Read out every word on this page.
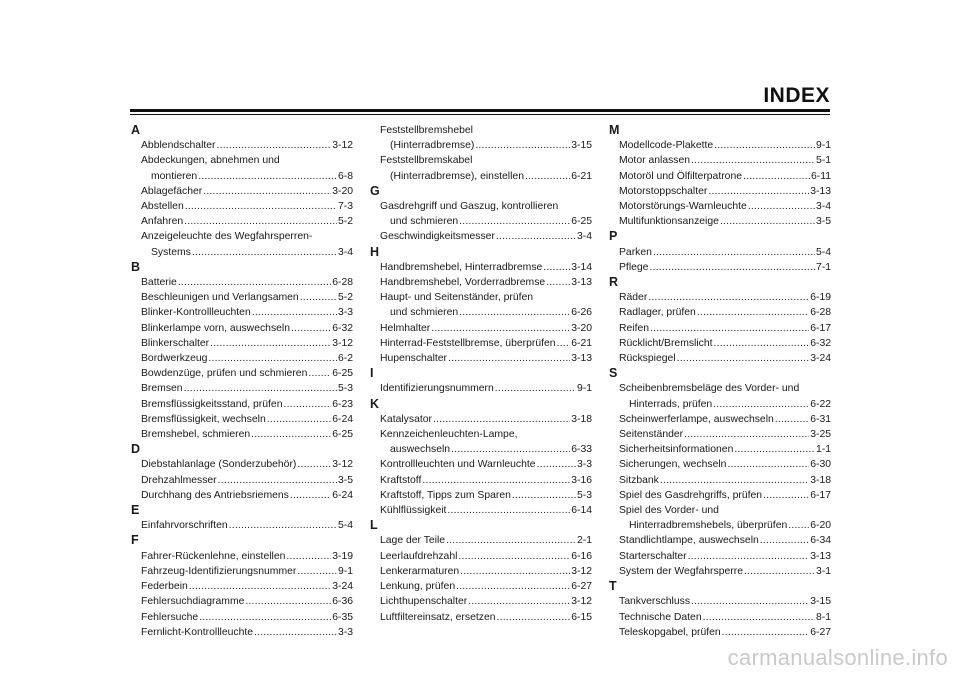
INDEX
A
Abblendschalter .....	3-12
Abdeckungen, abnehmen und
montieren .....	6-8
Ablagefächer .....	3-20
Abstellen .....	7-3
Anfahren .....	5-2
Anzeigeleuchte des Wegfahrsperren-
Systems .....	3-4
B
Batterie .....	6-28
Beschleunigen und Verlangsamen .....	5-2
Blinker-Kontrollleuchten .....	3-3
Blinkerlampe vorn, auswechseln .....	6-32
Blinkerschalter .....	3-12
Bordwerkzeug .....	6-2
Bowdenzüge, prüfen und schmieren ..... 6-25
Bremsen .....	5-3
Bremsflüssigkeitsstand, prüfen .....	6-23
Bremsflüssigkeit, wechseln .....	6-24
Bremshebel, schmieren .....	6-25
D
Diebstahlanlage (Sonderzubehör) .....	3-12
Drehzahlmesser .....	3-5
Durchhang des Antriebsriemens .....	6-24
E
Einfahrvorschriften .....	5-4
F
Fahrer-Rückenlehne, einstellen .....	3-19
Fahrzeug-Identifizierungsnummer .....	9-1
Federbein .....	3-24
Fehlersuchdiagramme .....	6-36
Fehlersuche .....	6-35
Fernlicht-Kontrollleuchte .....	3-3
Feststellbremshebel
(Hinterradbremse) .....	3-15
Feststellbremskabel
(Hinterradbremse), einstellen .....	6-21
G
Gasdrehgriff und Gaszug, kontrollieren
und schmieren .....	6-25
Geschwindigkeitsmesser .....	3-4
H
Handbremshebel, Hinterradbremse .....	3-14
Handbremshebel, Vorderradbremse .....	3-13
Haupt- und Seitenständer, prüfen
und schmieren .....	6-26
Helmhalter .....	3-20
Hinterrad-Feststellbremse, überprüfen ..... 6-21
Hupenschalter .....	3-13
I
Identifizierungsnummern .....	9-1
K
Katalysator .....	3-18
Kennzeichenleuchten-Lampe,
auswechseln .....	6-33
Kontrollleuchten und Warnleuchte .....	3-3
Kraftstoff .....	3-16
Kraftstoff, Tipps zum Sparen .....	5-3
Kühlflüssigkeit .....	6-14
L
Lage der Teile .....	2-1
Leerlaufdrehzahl .....	6-16
Lenkerarmaturen .....	3-12
Lenkung, prüfen .....	6-27
Lichthupenschalter .....	3-12
Luftfiltereinsatz, ersetzen .....	6-15
M
Modellcode-Plakette .....	9-1
Motor anlassen .....	5-1
Motoröl und Ölfilterpatrone .....	6-11
Motorstoppschalter .....	3-13
Motorstörungs-Warnleuchte .....	3-4
Multifunktionsanzeige .....	3-5
P
Parken .....	5-4
Pflege .....	7-1
R
Räder .....	6-19
Radlager, prüfen .....	6-28
Reifen .....	6-17
Rücklicht/Bremslicht .....	6-32
Rückspiegel .....	3-24
S
Scheibenbremsbeläge des Vorder- und
Hinterrads, prüfen .....	6-22
Scheinwerferlampe, auswechseln .....	6-31
Seitenständer .....	3-25
Sicherheitsinformationen .....	1-1
Sicherungen, wechseln .....	6-30
Sitzbank .....	3-18
Spiel des Gasdrehgriffs, prüfen .....	6-17
Spiel des Vorder- und
Hinterradbremshebels, überprüfen ..... 6-20
Standlichtlampe, auswechseln .....	6-34
Starterschalter .....	3-13
System der Wegfahrsperre .....	3-1
T
Tankverschluss .....	3-15
Technische Daten .....	8-1
Teleskopgabel, prüfen .....	6-27
carmanualsonline.info
